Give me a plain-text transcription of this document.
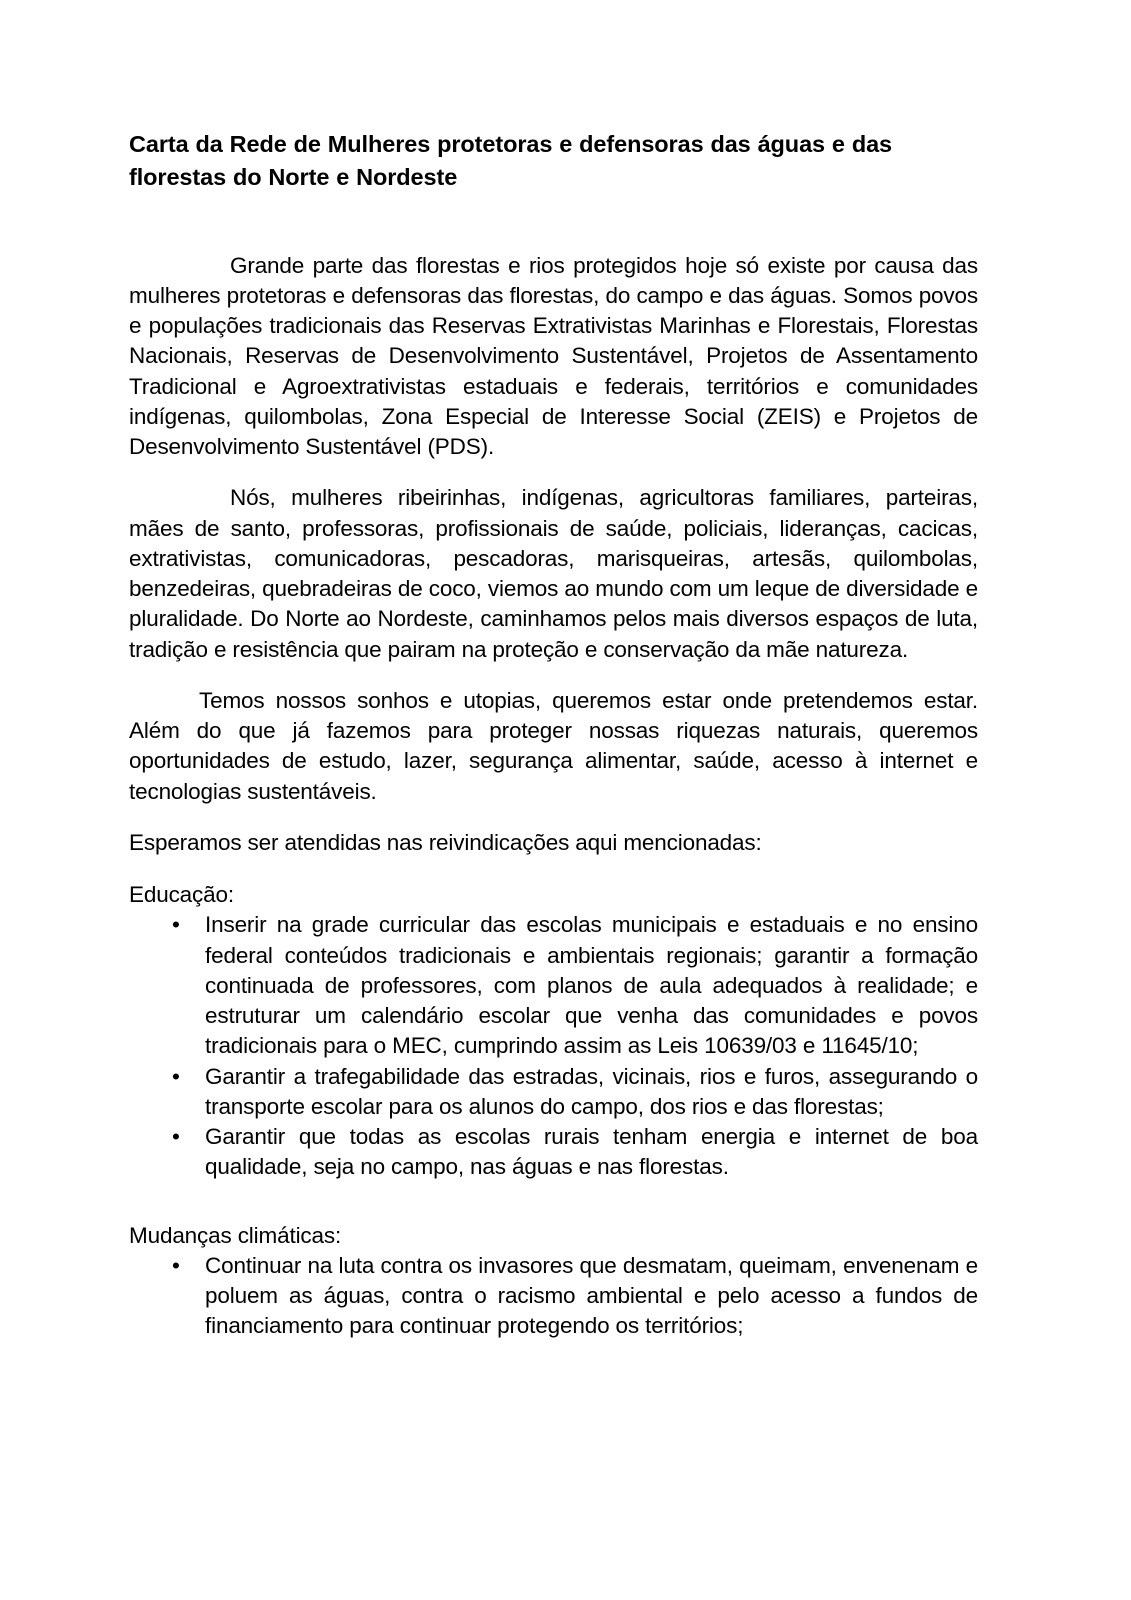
Carta da Rede de Mulheres protetoras e defensoras das águas e das florestas do Norte e Nordeste

Grande parte das florestas e rios protegidos hoje só existe por causa das mulheres protetoras e defensoras das florestas, do campo e das águas. Somos povos e populações tradicionais das Reservas Extrativistas Marinhas e Florestais, Florestas Nacionais, Reservas de Desenvolvimento Sustentável, Projetos de Assentamento Tradicional e Agroextrativistas estaduais e federais, territórios e comunidades indígenas, quilombolas, Zona Especial de Interesse Social (ZEIS) e Projetos de Desenvolvimento Sustentável (PDS).

Nós, mulheres ribeirinhas, indígenas, agricultoras familiares, parteiras, mães de santo, professoras, profissionais de saúde, policiais, lideranças, cacicas, extrativistas, comunicadoras, pescadoras, marisqueiras, artesãs, quilombolas, benzedeiras, quebradeiras de coco, viemos ao mundo com um leque de diversidade e pluralidade. Do Norte ao Nordeste, caminhamos pelos mais diversos espaços de luta, tradição e resistência que pairam na proteção e conservação da mãe natureza.

Temos nossos sonhos e utopias, queremos estar onde pretendemos estar. Além do que já fazemos para proteger nossas riquezas naturais, queremos oportunidades de estudo, lazer, segurança alimentar, saúde, acesso à internet e tecnologias sustentáveis.

Esperamos ser atendidas nas reivindicações aqui mencionadas:

Educação:
• Inserir na grade curricular das escolas municipais e estaduais e no ensino federal conteúdos tradicionais e ambientais regionais; garantir a formação continuada de professores, com planos de aula adequados à realidade; e estruturar um calendário escolar que venha das comunidades e povos tradicionais para o MEC, cumprindo assim as Leis 10639/03 e 11645/10;
• Garantir a trafegabilidade das estradas, vicinais, rios e furos, assegurando o transporte escolar para os alunos do campo, dos rios e das florestas;
• Garantir que todas as escolas rurais tenham energia e internet de boa qualidade, seja no campo, nas águas e nas florestas.
Mudanças climáticas:
• Continuar na luta contra os invasores que desmatam, queimam, envenenam e poluem as águas, contra o racismo ambiental e pelo acesso a fundos de financiamento para continuar protegendo os territórios;
